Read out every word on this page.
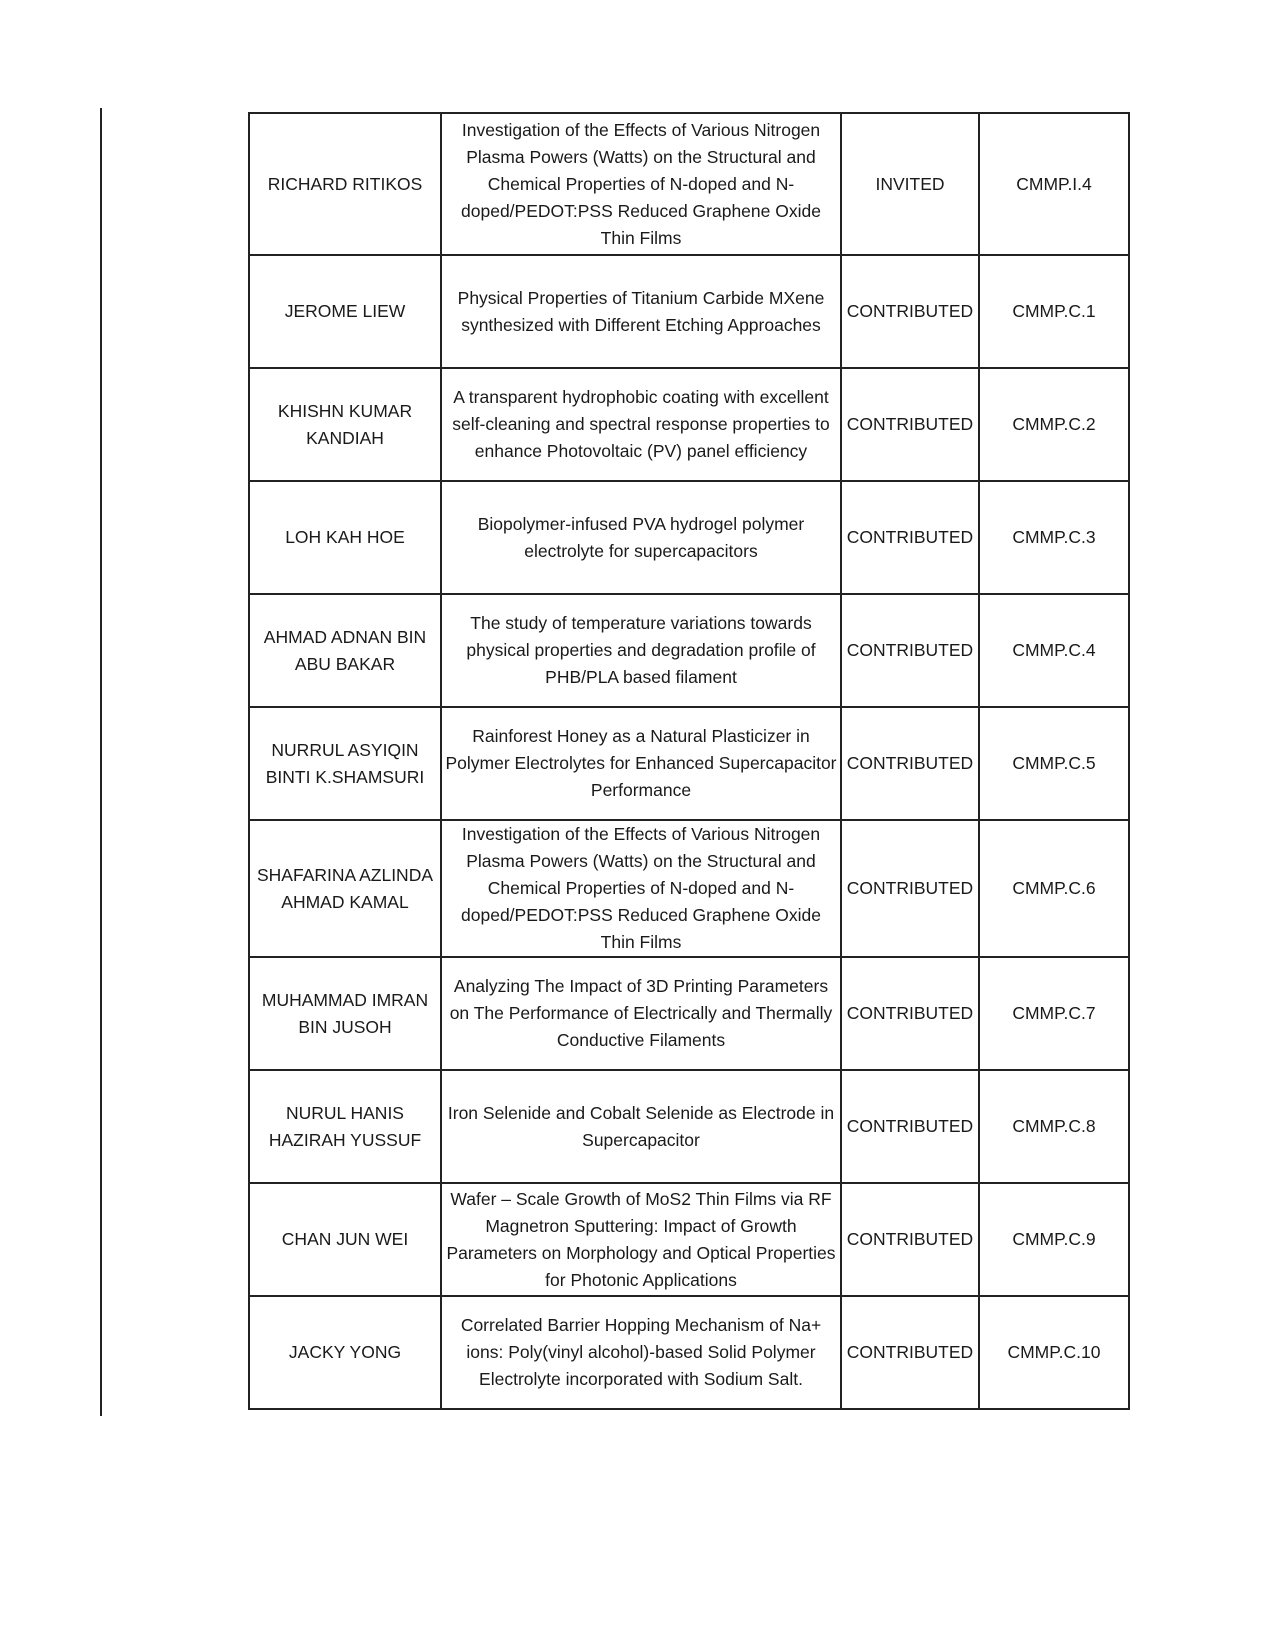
RICHARD RITIKOS	Investigation of the Effects of Various Nitrogen Plasma Powers (Watts) on the Structural and Chemical Properties of N-doped and N-doped/PEDOT:PSS Reduced Graphene Oxide Thin Films	INVITED	CMMP.I.4
JEROME LIEW	Physical Properties of Titanium Carbide MXene synthesized with Different Etching Approaches	CONTRIBUTED	CMMP.C.1
KHISHN KUMAR KANDIAH	A transparent hydrophobic coating with excellent self-cleaning and spectral response properties to enhance Photovoltaic (PV) panel efficiency	CONTRIBUTED	CMMP.C.2
LOH KAH HOE	Biopolymer-infused PVA hydrogel polymer electrolyte for supercapacitors	CONTRIBUTED	CMMP.C.3
AHMAD ADNAN BIN ABU BAKAR	The study of temperature variations towards physical properties and degradation profile of PHB/PLA based filament	CONTRIBUTED	CMMP.C.4
NURRUL ASYIQIN BINTI K.SHAMSURI	Rainforest Honey as a Natural Plasticizer in Polymer Electrolytes for Enhanced Supercapacitor Performance	CONTRIBUTED	CMMP.C.5
SHAFARINA AZLINDA AHMAD KAMAL	Investigation of the Effects of Various Nitrogen Plasma Powers (Watts) on the Structural and Chemical Properties of N-doped and N-doped/PEDOT:PSS Reduced Graphene Oxide Thin Films	CONTRIBUTED	CMMP.C.6
MUHAMMAD IMRAN BIN JUSOH	Analyzing The Impact of 3D Printing Parameters on The Performance of Electrically and Thermally Conductive Filaments	CONTRIBUTED	CMMP.C.7
NURUL HANIS HAZIRAH YUSSUF	Iron Selenide and Cobalt Selenide as Electrode in Supercapacitor	CONTRIBUTED	CMMP.C.8
CHAN JUN WEI	Wafer – Scale Growth of MoS2 Thin Films via RF Magnetron Sputtering: Impact of Growth Parameters on Morphology and Optical Properties for Photonic Applications	CONTRIBUTED	CMMP.C.9
JACKY YONG	Correlated Barrier Hopping Mechanism of Na+ ions: Poly(vinyl alcohol)-based Solid Polymer Electrolyte incorporated with Sodium Salt.	CONTRIBUTED	CMMP.C.10
